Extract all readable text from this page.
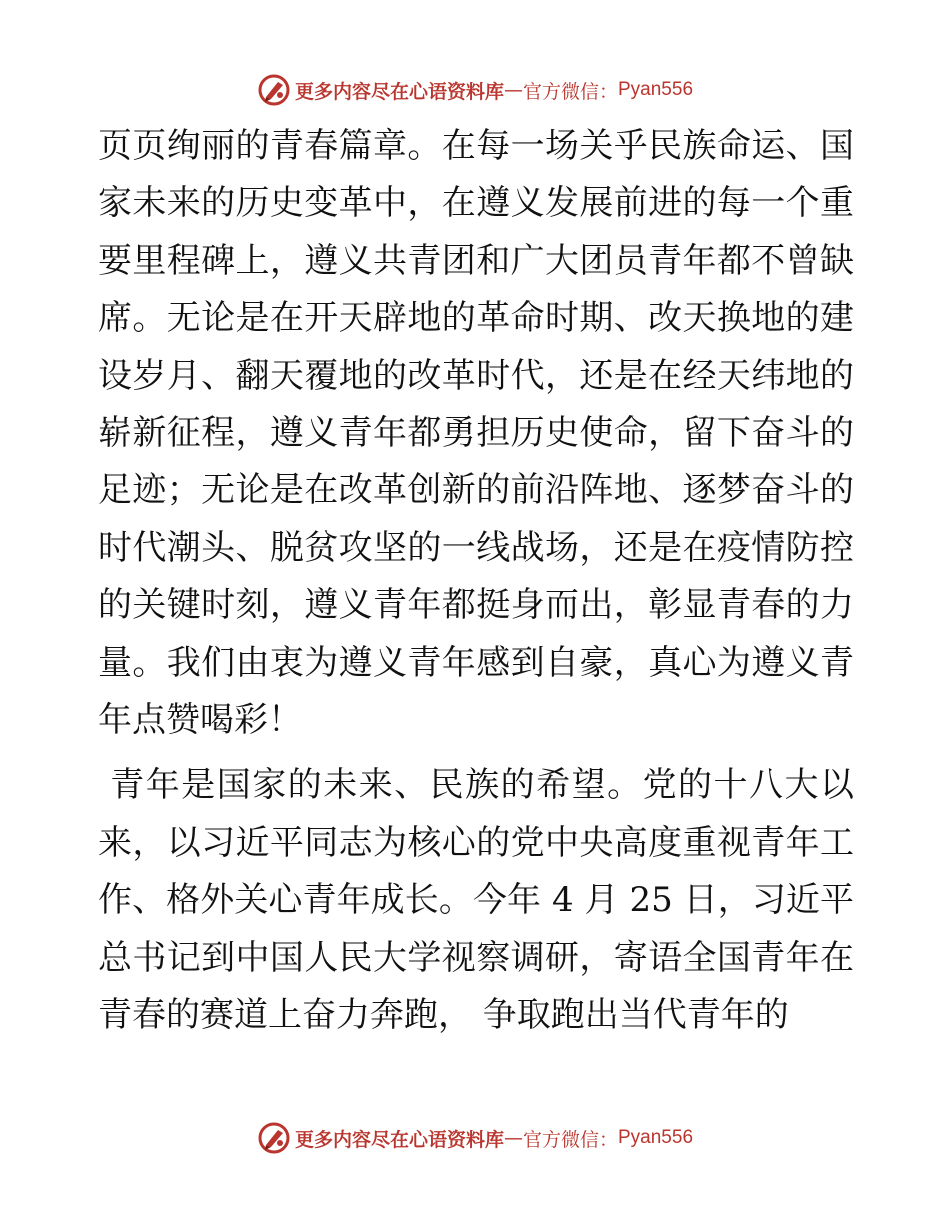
更多内容尽在心语资料库 — 官方微信： Pyan556

页页绚丽的青春篇章。在每一场关乎民族命运、国家未来的历史变革中，在遵义发展前进的每一个重要里程碑上，遵义共青团和广大团员青年都不曾缺席。无论是在开天辟地的革命时期、改天换地的建设岁月、翻天覆地的改革时代，还是在经天纬地的崭新征程，遵义青年都勇担历史使命，留下奋斗的足迹；无论是在改革创新的前沿阵地、逐梦奋斗的时代潮头、脱贫攻坚的一线战场，还是在疫情防控的关键时刻，遵义青年都挺身而出，彰显青春的力量。我们由衷为遵义青年感到自豪，真心为遵义青年点赞喝彩！

青年是国家的未来、民族的希望。党的十八大以来，以习近平同志为核心的党中央高度重视青年工作、格外关心青年成长。今年 4 月 25 日，习近平总书记到中国人民大学视察调研，寄语全国青年在青春的赛道上奋力奔跑， 争取跑出当代青年的

更多内容尽在心语资料库 — 官方微信： Pyan556
